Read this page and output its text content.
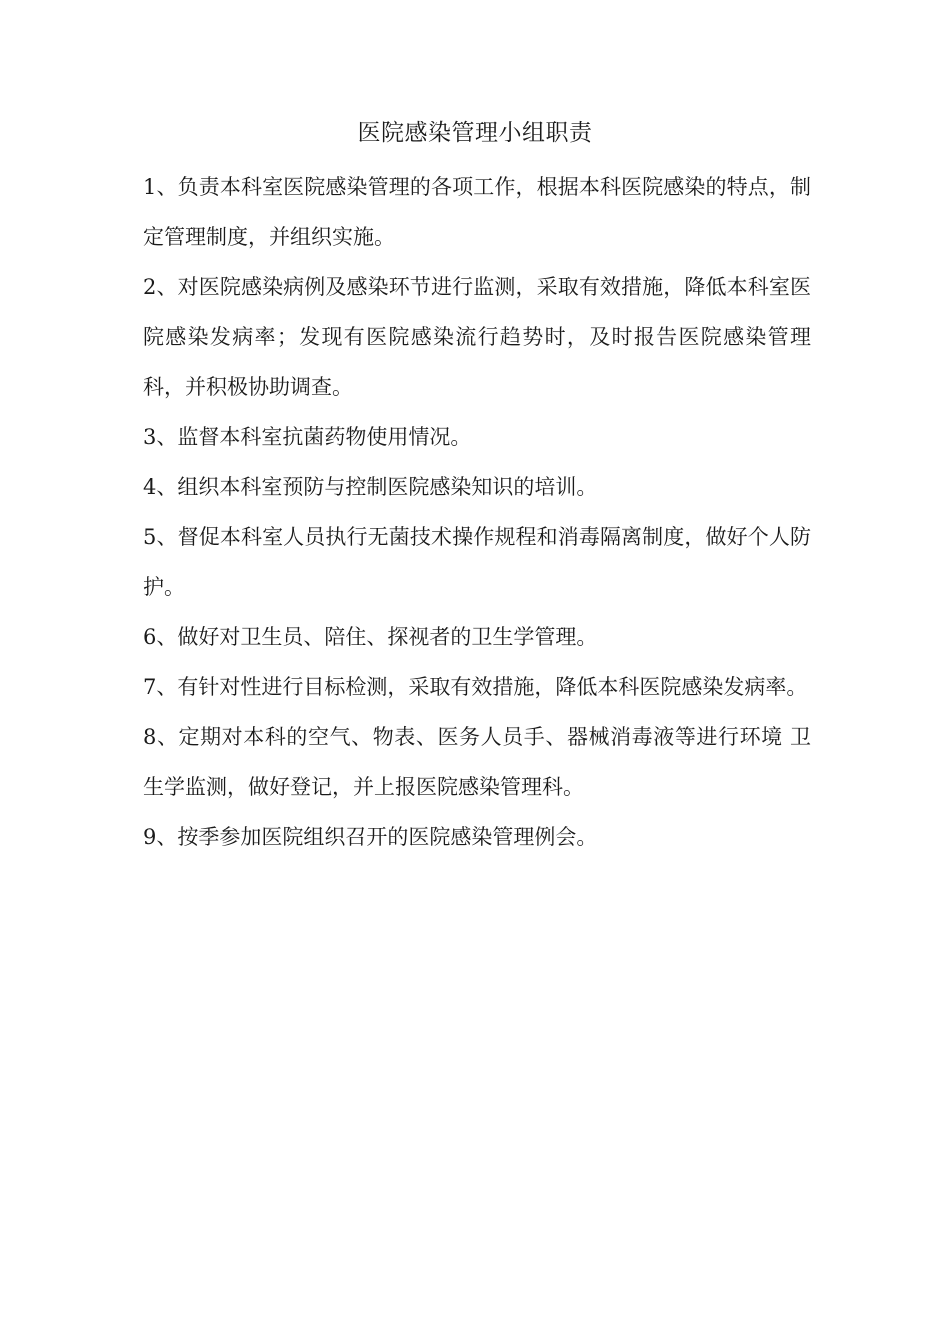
医院感染管理小组职责

1、负责本科室医院感染管理的各项工作，根据本科医院感染的特点，制定管理制度，并组织实施。

2、对医院感染病例及感染环节进行监测，采取有效措施，降低本科室医院感染发病率；发现有医院感染流行趋势时，及时报告医院感染管理科，并积极协助调查。

3、监督本科室抗菌药物使用情况。

4、组织本科室预防与控制医院感染知识的培训。

5、督促本科室人员执行无菌技术操作规程和消毒隔离制度，做好个人防护。

6、做好对卫生员、陪住、探视者的卫生学管理。

7、有针对性进行目标检测，采取有效措施，降低本科医院感染发病率。

8、定期对本科的空气、物表、医务人员手、器械消毒液等进行环境 卫生学监测，做好登记，并上报医院感染管理科。

9、按季参加医院组织召开的医院感染管理例会。
